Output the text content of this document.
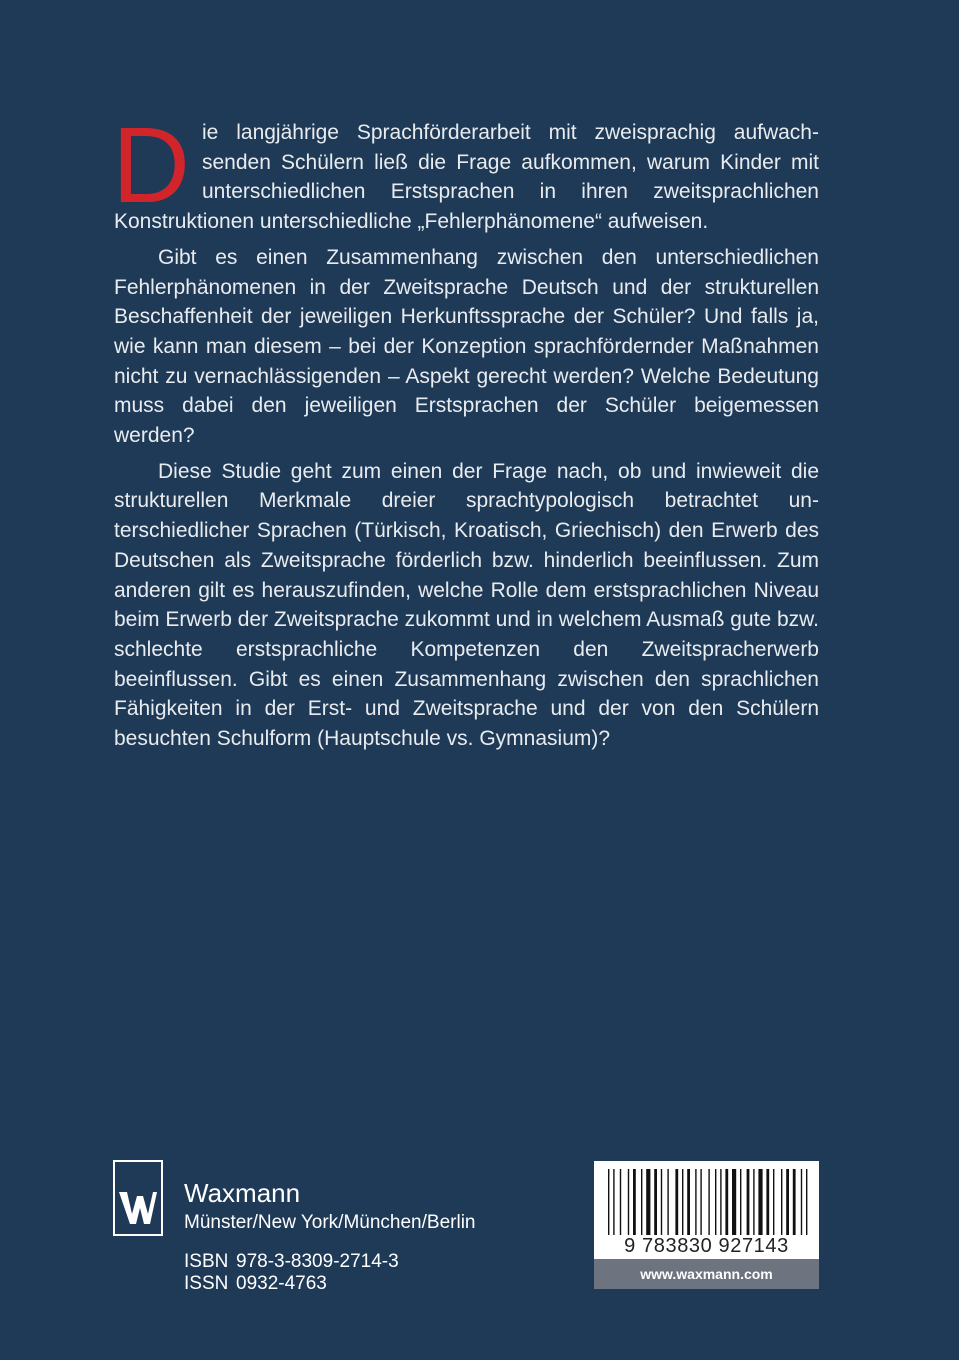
Die langjährige Sprachförderarbeit mit zweisprachig aufwachsenden Schülern ließ die Frage aufkommen, warum Kinder mit unterschiedlichen Erstsprachen in ihren zweitsprachlichen Konstruktionen unterschiedliche „Fehlerphänomene“ aufweisen.

Gibt es einen Zusammenhang zwischen den unterschiedlichen Fehlerphänomenen in der Zweitsprache Deutsch und der strukturellen Beschaffenheit der jeweiligen Herkunftssprache der Schüler? Und falls ja, wie kann man diesem – bei der Konzeption sprachfördernder Maßnahmen nicht zu vernachlässigenden – Aspekt gerecht werden? Welche Bedeutung muss dabei den jeweiligen Erstsprachen der Schüler beigemessen werden?

Diese Studie geht zum einen der Frage nach, ob und inwieweit die strukturellen Merkmale dreier sprachtypologisch betrachtet unterschiedlicher Sprachen (Türkisch, Kroatisch, Griechisch) den Erwerb des Deutschen als Zweitsprache förderlich bzw. hinderlich beeinflussen. Zum anderen gilt es herauszufinden, welche Rolle dem erstsprachlichen Niveau beim Erwerb der Zweitsprache zukommt und in welchem Ausmaß gute bzw. schlechte erstsprachliche Kompetenzen den Zweitspracherwerb beeinflussen. Gibt es einen Zusammenhang zwischen den sprachlichen Fähigkeiten in der Erst- und Zweitsprache und der von den Schülern besuchten Schulform (Hauptschule vs. Gymnasium)?

Waxmann
Münster/New York/München/Berlin
ISBN 978-3-8309-2714-3
ISSN 0932-4763
9 783830 927143
www.waxmann.com
